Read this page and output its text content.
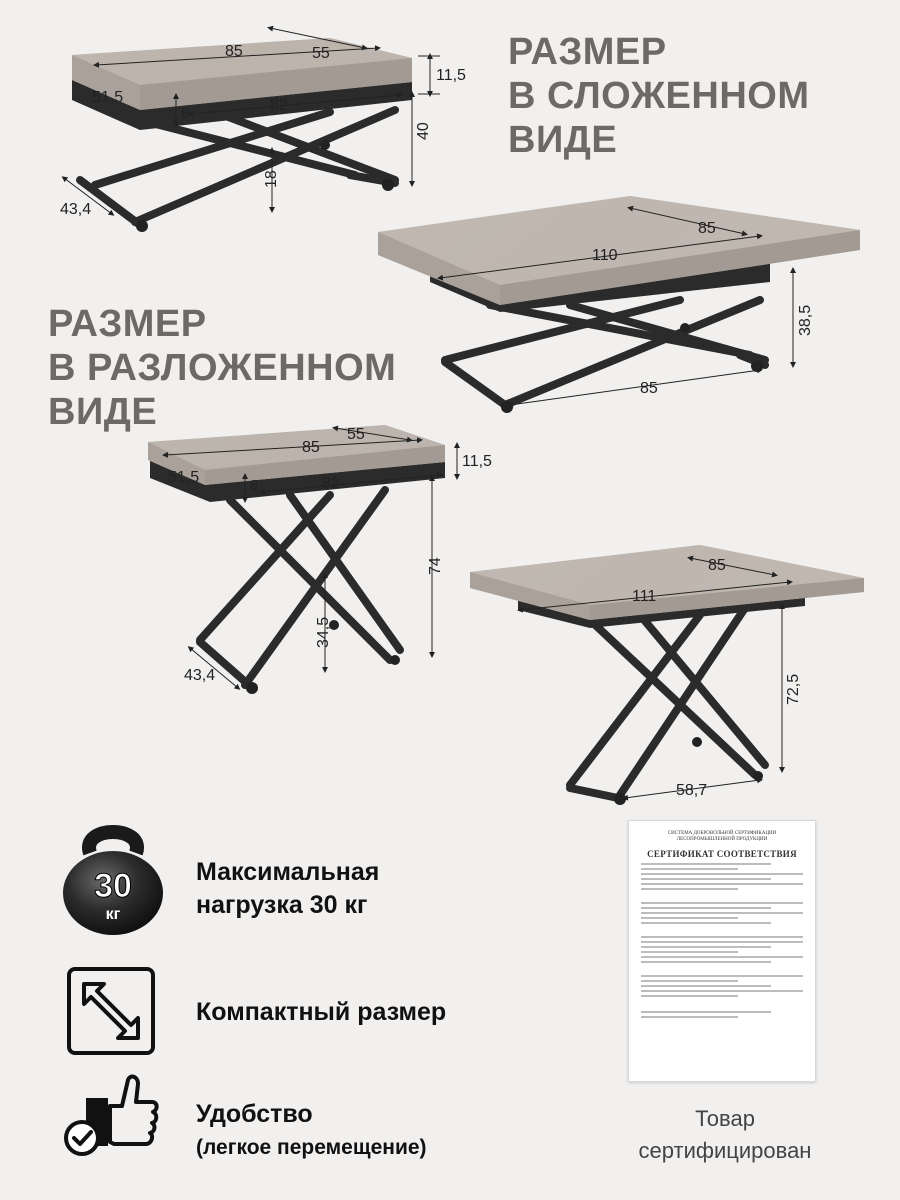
РАЗМЕР
В СЛОЖЕННОМ
ВИДЕ
РАЗМЕР
В РАЗЛОЖЕННОМ
ВИДЕ
85	55
11,5
51,5
8	82
40
18
43,4
85
110
38,5
85
85
55
11,5
51,5	8	82
74
34,5
43,4
85
111
72,5
58,7
30
кг
Максимальная
нагрузка 30 кг
Компактный размер
Удобство
(легкое перемещение)
СИСТЕМА ДОБРОВОЛЬНОЙ СЕРТИФИКАЦИИ
ЛЕСОПРОМЫШЛЕННОЙ ПРОДУКЦИИ
СЕРТИФИКАТ СООТВЕТСТВИЯ
Товар
сертифицирован
